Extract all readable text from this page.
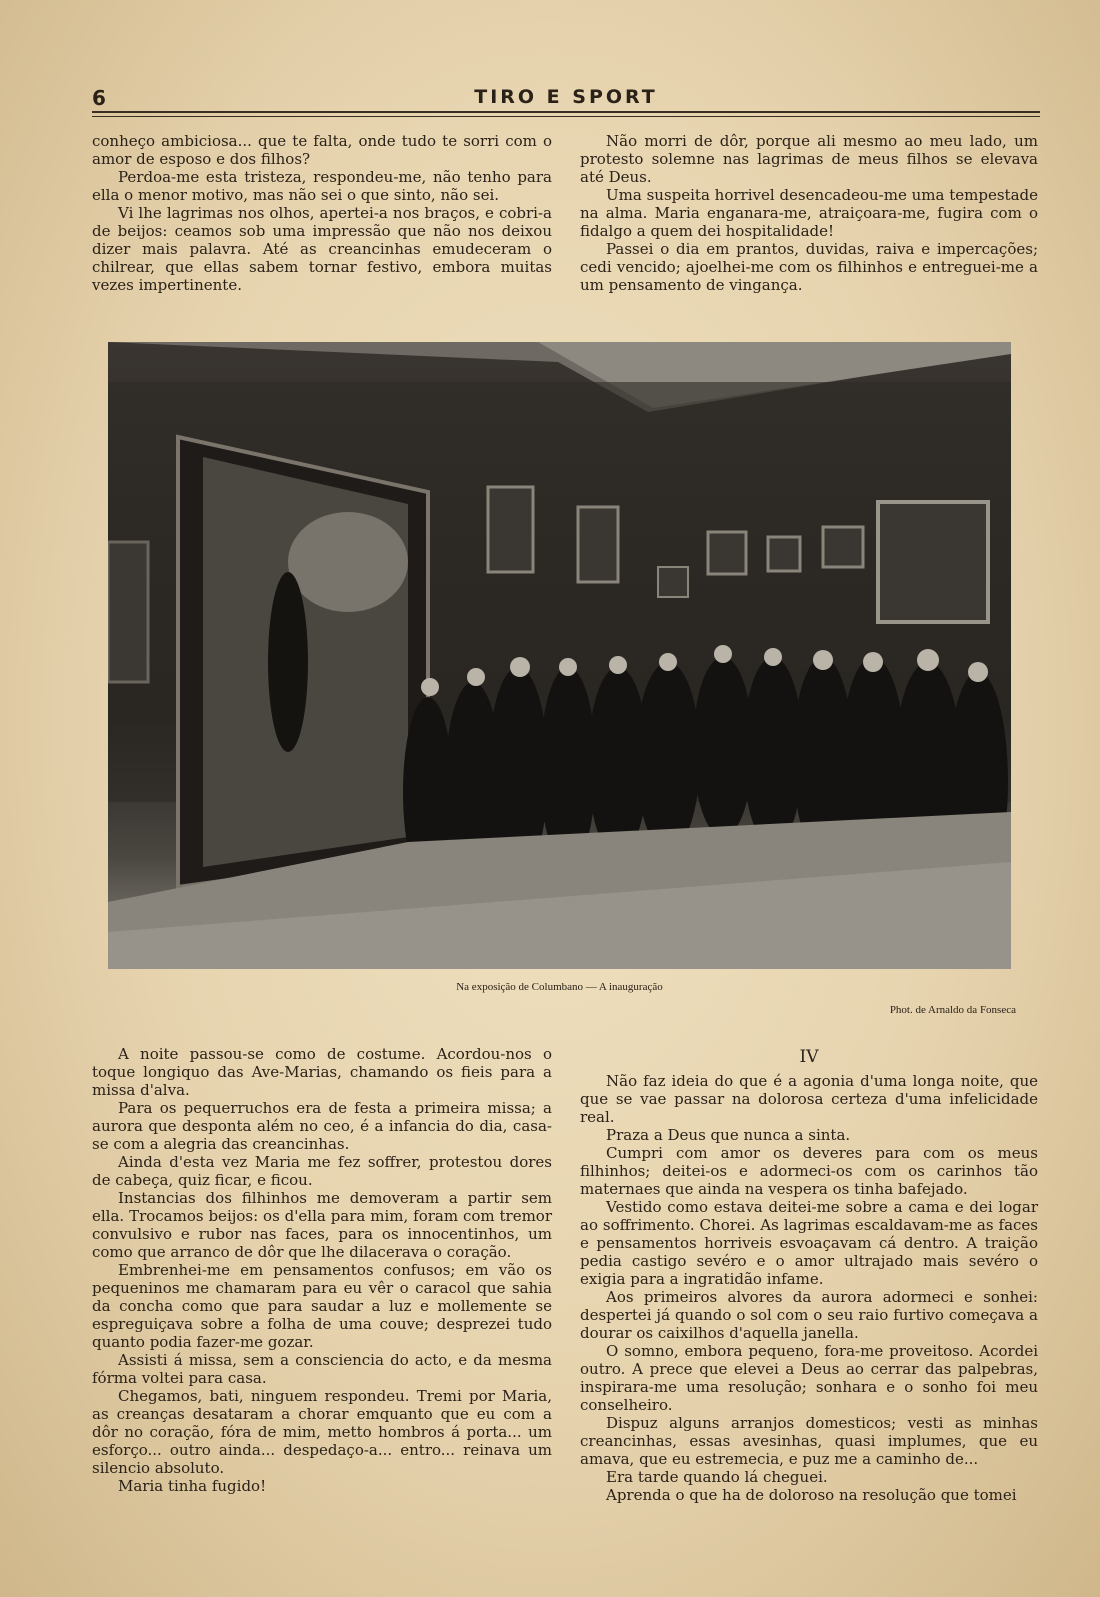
6	TIRO E SPORT

conheço ambiciosa... que te falta, onde tudo te sorri com o amor de esposo e dos filhos?

Perdoa-me esta tristeza, respondeu-me, não tenho para ella o menor motivo, mas não sei o que sinto, não sei.

Vi lhe lagrimas nos olhos, apertei-a nos braços, e cobri-a de beijos: ceamos sob uma impressão que não nos deixou dizer mais palavra. Até as creancinhas emudeceram o chilrear, que ellas sabem tornar festivo, embora muitas vezes impertinente.

Não morri de dôr, porque ali mesmo ao meu lado, um protesto solemne nas lagrimas de meus filhos se elevava até Deus.

Uma suspeita horrivel desencadeou-me uma tempestade na alma. Maria enganara-me, atraiçoara-me, fugira com o fidalgo a quem dei hospitalidade!

Passei o dia em prantos, duvidas, raiva e impercações; cedi vencido; ajoelhei-me com os filhinhos e entreguei-me a um pensamento de vingança.

Na exposição de Columbano — A inauguração
Phot. de Arnaldo da Fonseca

A noite passou-se como de costume. Acordou-nos o toque longiquo das Ave-Marias, chamando os fieis para a missa d'alva.

Para os pequerruchos era de festa a primeira missa; a aurora que desponta além no ceo, é a infancia do dia, casa-se com a alegria das creancinhas.

Ainda d'esta vez Maria me fez soffrer, protestou dores de cabeça, quiz ficar, e ficou.

Instancias dos filhinhos me demoveram a partir sem ella. Trocamos beijos: os d'ella para mim, foram com tremor convulsivo e rubor nas faces, para os innocentinhos, um como que arranco de dôr que lhe dilacerava o coração.

Embrenhei-me em pensamentos confusos; em vão os pequeninos me chamaram para eu vêr o caracol que sahia da concha como que para saudar a luz e mollemente se espreguiçava sobre a folha de uma couve; desprezei tudo quanto podia fazer-me gozar.

Assisti á missa, sem a consciencia do acto, e da mesma fórma voltei para casa.

Chegamos, bati, ninguem respondeu. Tremi por Maria, as creanças desataram a chorar emquanto que eu com a dôr no coração, fóra de mim, metto hombros á porta... um esforço... outro ainda... despedaço-a... entro... reinava um silencio absoluto.

Maria tinha fugido!

IV

Não faz ideia do que é a agonia d'uma longa noite, que que se vae passar na dolorosa certeza d'uma infelicidade real.

Praza a Deus que nunca a sinta.

Cumpri com amor os deveres para com os meus filhinhos; deitei-os e adormeci-os com os carinhos tão maternaes que ainda na vespera os tinha bafejado.

Vestido como estava deitei-me sobre a cama e dei logar ao soffrimento. Chorei. As lagrimas escaldavam-me as faces e pensamentos horriveis esvoaçavam cá dentro. A traição pedia castigo sevéro e o amor ultrajado mais sevéro o exigia para a ingratidão infame.

Aos primeiros alvores da aurora adormeci e sonhei: despertei já quando o sol com o seu raio furtivo começava a dourar os caixilhos d'aquella janella.

O somno, embora pequeno, fora-me proveitoso. Acordei outro. A prece que elevei a Deus ao cerrar das palpebras, inspirara-me uma resolução; sonhara e o sonho foi meu conselheiro.

Dispuz alguns arranjos domesticos; vesti as minhas creancinhas, essas avesinhas, quasi implumes, que eu amava, que eu estremecia, e puz me a caminho de...

Era tarde quando lá cheguei.

Aprenda o que ha de doloroso na resolução que tomei
